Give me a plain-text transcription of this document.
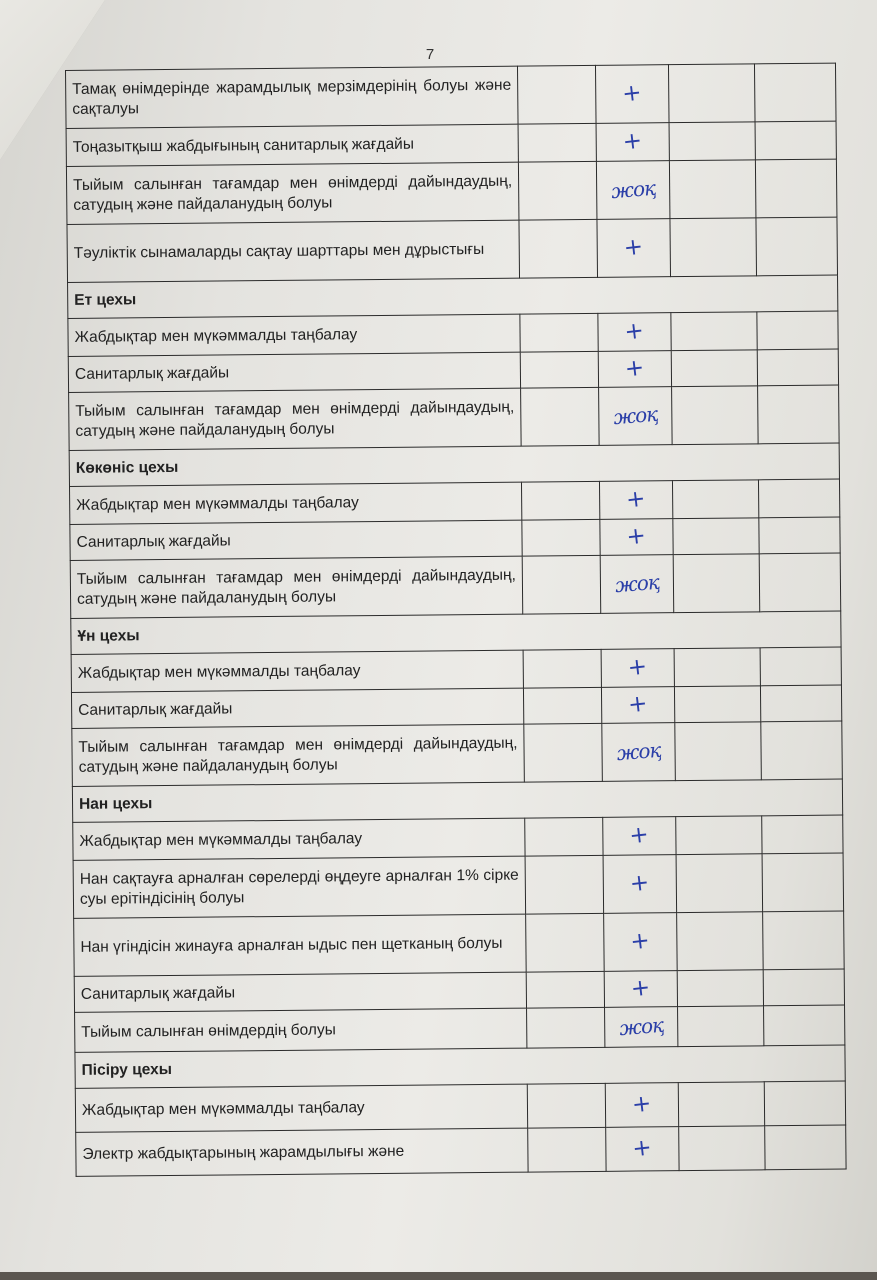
7
Тамақ өнімдерінде жарамдылық мерзімдерінің болуы және сақталуы		+		
Тоңазытқыш жабдығының санитарлық жағдайы		+		
Тыйым салынған тағамдар мен өнімдерді дайындаудың, сатудың және пайдаланудың болуы		жоқ		
Тәуліктік сынамаларды сақтау шарттары мен дұрыстығы		+		
Ет цехы				
Жабдықтар мен мүкәммалды таңбалау		+		
Санитарлық жағдайы		+		
Тыйым салынған тағамдар мен өнімдерді дайындаудың, сатудың және пайдаланудың болуы		жоқ		
Көкөніс цехы				
Жабдықтар мен мүкәммалды таңбалау		+		
Санитарлық жағдайы		+		
Тыйым салынған тағамдар мен өнімдерді дайындаудың, сатудың және пайдаланудың болуы		жоқ		
Ұн цехы				
Жабдықтар мен мүкәммалды таңбалау		+		
Санитарлық жағдайы		+		
Тыйым салынған тағамдар мен өнімдерді дайындаудың, сатудың және пайдаланудың болуы		жоқ		
Нан цехы				
Жабдықтар мен мүкәммалды таңбалау		+		
Нан сақтауға арналған сөрелерді өңдеуге арналған 1% сірке суы ерітіндісінің болуы		+		
Нан үгіндісін жинауға арналған ыдыс пен щетканың болуы		+		
Санитарлық жағдайы		+		
Тыйым салынған өнімдердің болуы		жоқ		
Пісіру цехы				
Жабдықтар мен мүкәммалды таңбалау		+		
Электр жабдықтарының жарамдылығы және		+		
